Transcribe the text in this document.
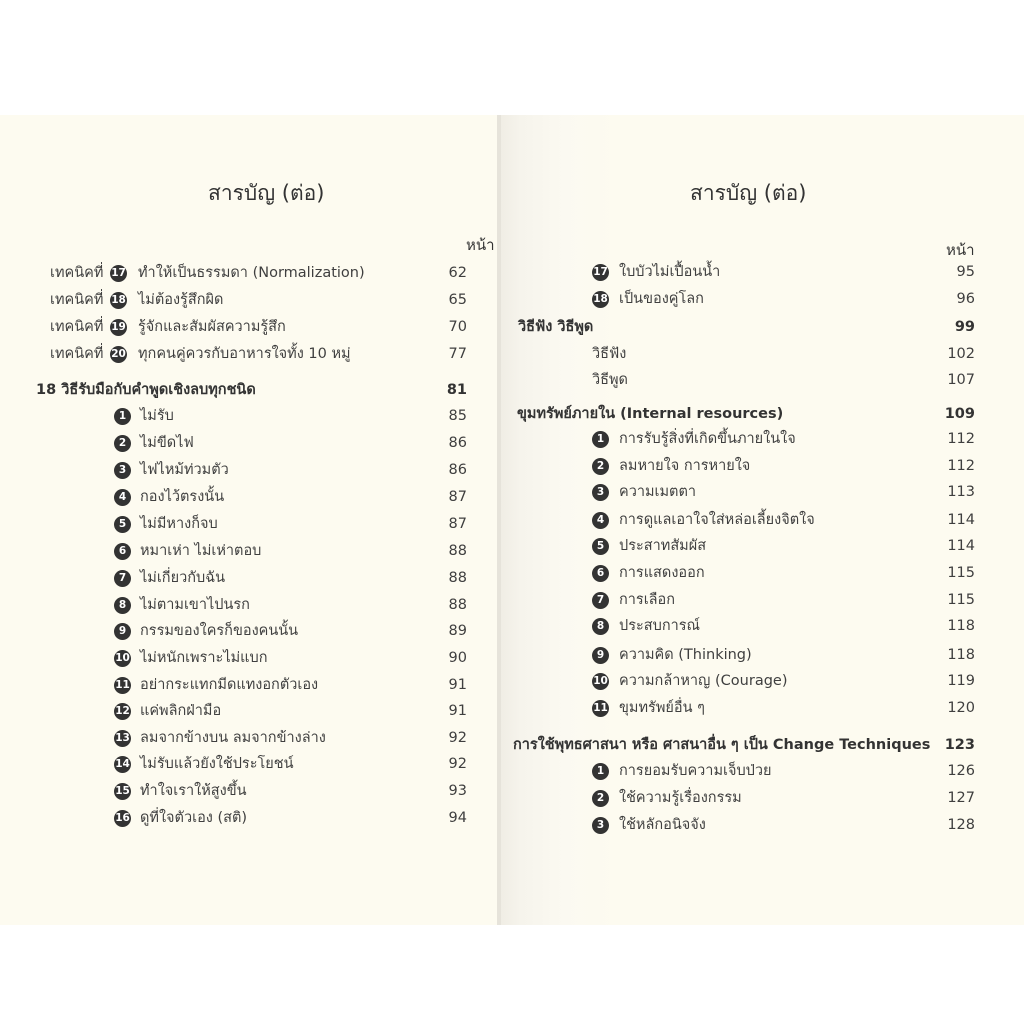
สารบัญ (ต่อ)
หน้า
เทคนิคที่ 17 ทำให้เป็นธรรมดา (Normalization)	62
เทคนิคที่ 18 ไม่ต้องรู้สึกผิด	65
เทคนิคที่ 19 รู้จักและสัมผัสความรู้สึก	70
เทคนิคที่ 20 ทุกคนคู่ควรกับอาหารใจทั้ง 10 หมู่	77
18 วิธีรับมือกับคำพูดเชิงลบทุกชนิด	81
1 ไม่รับ	85
2 ไม่ขีดไฟ	86
3 ไฟไหม้ท่วมตัว	86
4 กองไว้ตรงนั้น	87
5 ไม่มีหางก็จบ	87
6 หมาเห่า ไม่เห่าตอบ	88
7 ไม่เกี่ยวกับฉัน	88
8 ไม่ตามเขาไปนรก	88
9 กรรมของใครก็ของคนนั้น	89
10 ไม่หนักเพราะไม่แบก	90
11 อย่ากระแทกมีดแทงอกตัวเอง	91
12 แค่พลิกฝ่ามือ	91
13 ลมจากข้างบน ลมจากข้างล่าง	92
14 ไม่รับแล้วยังใช้ประโยชน์	92
15 ทำใจเราให้สูงขึ้น	93
16 ดูที่ใจตัวเอง (สติ)	94
สารบัญ (ต่อ)
หน้า
17 ใบบัวไม่เปื้อนน้ำ	95
18 เป็นของคู่โลก	96
วิธีฟัง วิธีพูด	99
วิธีฟัง	102
วิธีพูด	107
ขุมทรัพย์ภายใน (Internal resources)	109
1	การรับรู้สิ่งที่เกิดขึ้นภายในใจ	112
2	ลมหายใจ การหายใจ	112
3	ความเมตตา	113
4	การดูแลเอาใจใส่หล่อเลี้ยงจิตใจ	114
5	ประสาทสัมผัส	114
6	การแสดงออก	115
7	การเลือก	115
8	ประสบการณ์	118
9	ความคิด (Thinking)	118
10 ความกล้าหาญ (Courage)	119
11 ขุมทรัพย์อื่น ๆ	120
การใช้พุทธศาสนา หรือ ศาสนาอื่น ๆ เป็น Change Techniques 123
1	การยอมรับความเจ็บป่วย	126
2	ใช้ความรู้เรื่องกรรม	127
3	ใช้หลักอนิจจัง	128
